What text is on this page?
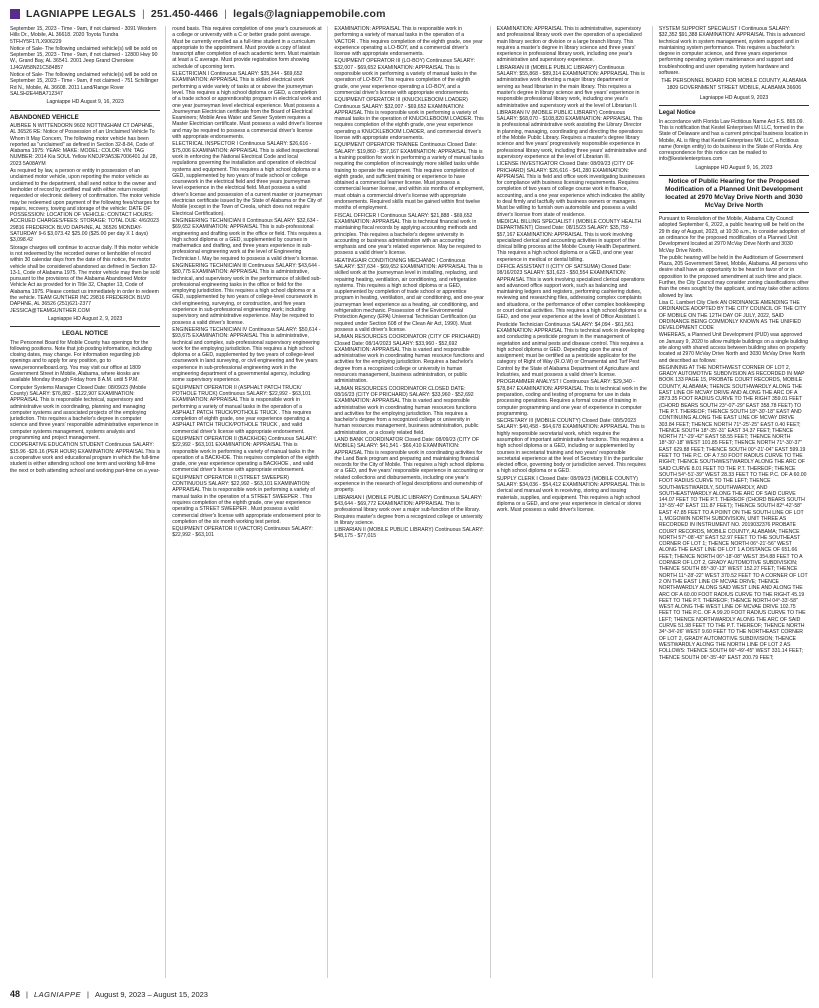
LAGNIAPPE LEGALS | 251.450-4466 | legals@lagniappemobile.com

September 15, 2023 - Time - 9am, if not claimed - 3091 Western Hills Dr., Mobile, AL 36618. 2020 Toyota Tundra 5TFHY5F17LX906229

Notice of Sale- The following unclaimed vehicle(s) will be sold on September 15, 2023 - Time - 9am, if not claimed - 12800 Hwy 90 W., Grand Bay, AL 36541. 2001 Jeep Grand Cherokee 1J4GW58N21C584857

Notice of Sale- The following unclaimed vehicle(s) will be sold on September 15, 2023 - Time - 9am, if not claimed - 751 Schillinger Rd N., Mobile, AL 36608. 2011 Land/Range Rover SALSH2E44BA712347

Lagniappe HD August 9, 16, 2023

ABANDONED VEHICLE

AUBREE N WITTENDORN 9602 NOTTINGHAM CT DAPHNE, AL 36526 RE: Notice of Possession of an Unclaimed Vehicle To Whom It May Concern, The following motor vehicle has been reported as "unclaimed" as defined in Section 32-8-84, Code of Alabama 1975: YEAR: MAKE: MODEL: COLOR: VIN: TAG NUMBER: 2014 Kia SOUL Yellow KNDJP3A53E7006401 Jul 28, 2023 5A08AYM

As required by law, a person or entity in possession of an unclaimed motor vehicle, upon reporting the motor vehicle as unclaimed to the department, shall send notice to the owner and lienholder of record by certified mail with either return receipt requested or electronic delivery of confirmation. The motor vehicle may be redeemed upon payment of the following fees/charges for repairs, recovery, towing and storage of the vehicle: DATE OF POSSESSION: LOCATION OF VEHICLE: CONTACT HOURS: ACCRUED CHARGES/FEES: STORAGE: TOTAL DUE: 4/6/2023 29816 FREDERICK BLVD DAPHNE, AL 36526 MONDAY-SATURDAY 9-6 $3,073.42 $25.00 ($25.00 per day X 1 days) $3,098.42

Storage charges will continue to accrue daily. If this motor vehicle is not redeemed by the recorded owner or lienholder of record within 30 calendar days from the date of this notice, the motor vehicle shall be considered abandoned as defined in Section 32-13-1, Code of Alabama 1975. The motor vehicle may then be sold pursuant to the provisions of the Alabama Abandoned Motor Vehicle Act as provided for in Title 32, Chapter 13, Code of Alabama 1975. Please contact us immediately in order to redeem the vehicle. TEAM GUNTHER INC 29816 FREDERICK BLVD DAPHNE, AL 36526 (251)621-2377 JESSICA@TEAMGUNTHER.COM

Lagniappe HD August 2, 9, 2023

LEGAL NOTICE

The Personnel Board for Mobile County has openings for the following positions. Note that job posting information, including closing dates, may change. For information regarding job openings and to apply for any position, go to www.personnelboard.org. You may visit our office at 1809 Government Street in Mobile, Alabama, where kiosks are available Monday through Friday from 8 A.M. until 5 P.M.

Computer Systems Manager Closed Date: 08/09/23 (Mobile County) SALARY: $76,882 - $122,907 EXAMINATION: APPRAISAL This is responsible technical, supervisory and administrative work in coordinating, planning and managing computer systems and associated projects of the employing jurisdiction. This requires a bachelor's degree in computer science and three years' responsible administrative experience in computer systems management, systems analysis and programming and project management.

COOPERATIVE EDUCATION STUDENT Continuous SALARY: $15.96 -$26.16 (PER HOUR) EXAMINATION: APPRAISAL This is a cooperative work and educational program in which the full-time student is either attending school one term and working full-time the next or both attending school and working part-time on a year-

round basis. This requires completion of one year's coursework at a college or university with a C or better grade point average. Must be currently enrolled as a full-time student in a curriculum appropriate to the appointment. Must provide a copy of latest transcript after completion of each academic term. Must maintain at least a C average. Must provide registration form showing schedule of upcoming term.

ELECTRICIAN I Continuous SALARY: $35,344 - $69,652 EXAMINATION: APPRAISAL This is skilled electrical work performing a wide variety of tasks at or above the journeyman level. This requires a high school diploma or GED, a completion of a trade school or apprenticeship program in electrical work and one year journeyman level electrical experience. Must possess a Journeyman Electrician certificate from the Board of Electrical Examiners; Mobile Area Water and Sewer System requires a Master Electrician certificate. Must possess a valid driver's license and may be required to possess a commercial driver's license with appropriate endorsements.

ELECTRICAL INSPECTOR I Continuous SALARY: $26,616 - $75,006 EXAMINATION: APPRAISAL This is skilled inspectional work in enforcing the National Electrical Code and local regulations governing the installation and operation of electrical systems and equipment. This requires a high school diploma or a GED, supplemented by two years of trade school or college coursework in the electrical field and three years journeyman level experience in the electrical field. Must possess a valid driver's license and possession of a current master or journeyman electrician certificate issued by the State of Alabama or the City of Mobile (except in the Town of Creola, which does not require Electrical Certification).

ENGINEERING TECHNICIAN II Continuous SALARY: $32,634 - $69,652 EXAMINATION: APPRAISAL This is sub-professional engineering and drafting work in the office or field. This requires a high school diploma or a GED, supplemented by courses in mathematics and drafting, and three years experience in sub-professional engineering work at the level of Engineering Technician I. May be required to possess a valid driver's license.

ENGINEERING TECHNICIAN III Continuous SALARY: $43,644 - $80,775 EXAMINATION: APPRAISAL This is administrative, technical, and supervisory work in the performance of skilled sub-professional engineering tasks in the office or field for the employing jurisdiction. This requires a high school diploma or a GED, supplemented by two years of college-level coursework in civil engineering, surveying, or construction, and five years experience in sub-professional engineering work; including supervisory and administrative experience. May be required to possess a valid driver's license.

ENGINEERING TECHNICIAN IV Continuous SALARY: $50,614 - $93,675 EXAMINATION: APPRAISAL This is administrative, technical and complex, sub-professional supervisory engineering work for the employing jurisdiction. This requires a high school diploma or a GED, supplemented by two years of college-level coursework in land surveying, or civil engineering and five years experience in sub-professional engineering work in the engineering department of a governmental agency, including some supervisory experience.

EQUIPMENT OPERATOR II (ASPHALT PATCH TRUCK/ POTHOLE TRUCK) Continuous SALARY: $22,992 - $63,101 EXAMINATION: APPRAISAL This is responsible work in performing a variety of manual tasks in the operation of a ASPHALT PATCH TRUCK/POTHOLE TRUCK . This requires completion of eighth grade, one year experience operating a ASPHALT PATCH TRUCK/POTHOLE TRUCK , and valid commercial driver's license with appropriate endorsement.

EQUIPMENT OPERATOR II (BACKHOE) Continuous SALARY: $22,992 - $63,101 EXAMINATION: APPRAISAL This is responsible work in performing a variety of manual tasks in the operation of a BACKHOE. This requires completion of the eighth grade, one year experience operating a BACKHOE , and valid commercial driver's license with appropriate endorsement.

EQUIPMENT OPERATOR II (STREET SWEEPER) CONTINUOUS SALARY: $22,992 - $63,101 EXAMINATION: APPRAISAL This is responsible work in performing a variety of manual tasks in the operation of a STREET SWEEPER . This requires completion of the eighth grade, one year experience operating a STREET SWEEPER . Must possess a valid commercial driver's license with appropriate endorsement prior to completion of the six month working test period.

EQUIPMENT OPERATOR II (VACTOR) Continuous SALARY: $22,992 - $63,101

EXAMINATION: APPRAISAL This is responsible work in performing a variety of manual tasks in the operation of a VACTOR . This requires completion of the eighth grade, one year experience operating a LO-BOY, and a commercial driver's license with appropriate endorsements.

EQUIPMENT OPERATOR III (LO-BOY) Continuous SALARY: $32,007 - $69,652 EXAMINATION: APPRAISAL This is responsible work in performing a variety of manual tasks in the operation of LO-BOY. This requires completion of the eighth grade, one year experience operating a LO-BOY, and a commercial driver's license with appropriate endorsements.

EQUIPMENT OPERATOR III (KNUCKLEBOOM LOADER) Continuous SALARY: $32,007 - $69,652 EXAMINATION: APPRAISAL This is responsible work in performing a variety of manual tasks in the operation of KNUCKLEBOOM LOADER. This requires completion of the eighth grade, one year experience operating a KNUCKLEBOOM LOADER, and commercial driver's license with appropriate endorsements.

EQUIPMENT OPERATOR TRAINEE Continuous Closed Date: SALARY: $19,860 - $57,167 EXAMINATION: APPRAISAL This is a training position for work in performing a variety of manual tasks requiring the completion of increasingly more skilled tasks while training to operate the equipment. This requires completion of eighth grade, and sufficient training or experience to have obtained a commercial learner license. Must possess a commercial learner license, and within six months of employment, must obtain a commercial driver's license with appropriate endorsements. Required skills must be gained within first twelve months of employment.

FISCAL OFFICER I Continuous SALARY: $21,888 - $69,652 EXAMINATION: APPRAISAL This is technical financial work in maintaining fiscal records by applying accounting methods and principles. This requires a bachelor's degree university in accounting or business administration with an accounting emphasis and one year's related experience. May be required to possess a valid driver's license.

HEATING/AIR CONDITIONING MECHANIC I Continuous SALARY: $37,634 - $69,652 EXAMINATION: APPRAISAL This is skilled work at the journeyman level in installing, replacing, and repairing heating, ventilation, air conditioning, and refrigeration systems. This requires a high school diploma or a GED, supplemented by completion of trade school or apprentice program in heating, ventilation, and air conditioning, and one-year journeyman level experience as a heating, air conditioning, and refrigeration mechanic. Possession of the Environmental Protection Agency (EPA) Universal Technician Certification (as required under Section 608 of the Clean Air Act, 1990). Must possess a valid driver's license.

HUMAN RESOURCES COORDINATOR (CITY OF PRICHARD) Closed Date: 08/14/2023 SALARY: $33,960 - $52,692 EXAMINATION: APPRAISAL This is varied and responsible administrative work in coordinating human resource functions and activities for the employing jurisdiction. Requires a bachelor's degree from a recognized college or university in human resources management, business administration, or public administration.

HUMAN RESOURCES COORDINATOR CLOSED DATE: 08/16/23 (CITY OF PRICHARD) SALARY: $33,960 - $52,692 EXAMINATION: APPRAISAL This is varied and responsible administrative work in coordinating human resources functions and activities for the employing jurisdiction. This requires a bachelor's degree from a recognized college or university in human resources management, business administration, public administration, or a closely related field.

LAND BANK COORDINATOR Closed Date: 08/09/23 (CITY OF MOBILE) SALARY: $41,541 - $66,410 EXAMINATION: APPRAISAL This is responsible work in coordinating activities for the Land Bank program and preparing and maintaining financial records for the City of Mobile. This requires a high school diploma or a GED, and five years' responsible experience in accounting or related collections and disbursements, including one year's experience in the research of legal descriptions and ownership of property.

LIBRARIAN I (MOBILE PUBLIC LIBRARY) Continuous SALARY: $43,644 - $69,772 EXAMINATION: APPRAISAL This is professional library work over a major sub-function of the library. Requires master's degree from a recognized college or university in library science.

LIBRARIAN II (MOBILE PUBLIC LIBRARY) Continuous SALARY: $48,175 - $77,015

EXAMINATION: APPRAISAL This is administrative, supervisory and professional library work over the operation of a specialized main library section or division or a large branch library. This requires a master's degree in library science and three years' experience in professional library work, including one year's administrative and supervisory experience.

LIBRARIAN III (MOBILE PUBLIC LIBRARY) Continuous SALARY: $55,868 - $89,314 EXAMINATION: APPRAISAL This is administrative work directing a major library department or serving as head librarian in the main library. This requires a master's degree in library science and five years' experience in responsible professional library work, including one year's administrative and supervisory work at the level of Librarian II.

LIBRARIAN IV (MOBILE PUBLIC LIBRARY) Continuous SALARY: $68,070 - $108,820 EXAMINATION: APPRAISAL This is professional administrative work assisting the Library Director in planning, managing, coordinating and directing the operations of the Mobile Public Library. Requires a master's degree library science and five years' progressively responsible experience in professional library work, including three years' administrative and supervisory experience at the level of Librarian III.

LICENSE INVESTIGATOR Closed Date: 08/09/23 (CITY OF PRICHARD) SALARY: $26,616 - $41,280 EXAMINATION: APPRAISAL This is field and office work investigating businesses for compliance with business licensing requirements. Requires completion of two years of college course work in finance, accounting, and a one year experience which indicates the ability to deal firmly and tactfully with business owners or managers. Must be willing to furnish own automobile and possess a valid driver's license from state of residence.

MEDICAL BILLING SPECIALIST I (MOBILE COUNTY HEALTH DEPARTMENT) Closed Date: 08/15/23 SALARY: $35,759 - $57,167 EXAMINATION: APPRAISAL This is work involving specialized clerical and accounting activities in support of the clinical billing process at the Mobile County Health Department. This requires a high school diploma or a GED, and one year experience in medical or dental billing.

OFFICE ASSISTANT II (CITY OF SATSUMA) Closed Date: 08/16/2023 SALARY: $31,623 - $50,554 EXAMINATION: APPRAISAL This is work involving specialized clerical operations and advanced office support work, such as balancing and maintaining ledgers and registers, performing cashiering duties, reviewing and researching files, addressing complex complaints and situations, or the performance of other complex bookkeeping or court clerical activities. This requires a high school diploma or a GED, and one year experience at the level of Office Assistant I.

Pesticide Technician Continuous SALARY: $4,094 - $61,561 EXAMINATION: APPRAISAL This is technical work in developing and conducting a pesticide program in the management of vegetation and animal pests and disease control. This requires a high school diploma or GED. Depending upon the area of assignment; must be certified as a pesticide applicator for the category of Right of Way (R.O.W) or Ornamental and Turf Pest Control by the State of Alabama Department of Agriculture and Industries, and must possess a valid driver's license.

PROGRAMMER ANALYST I Continuous SALARY: $29,340 - $78,847 EXAMINATION: APPRAISAL This is technical work in the preparation, coding and testing of programs for use in data processing operations. Requires a formal course of training in computer programming and one year of experience in computer programming.

SECRETARY III (MOBILE COUNTY) Closed Date: 08/5/2023 SALARY: $40,458 - $64,678 EXAMINATION: APPRAISAL This is highly responsible secretarial work, which requires the assumption of important administrative functions. This requires a high school diploma or a GED, including or supplemented by courses in secretarial training and two years' responsible secretarial experience at the level of Secretary II in the particular elected office, governing body or jurisdiction served. This requires a high school diploma or a GED.

SUPPLY CLERK I Closed Date: 08/09/23 (MOBILE COUNTY) SALARY: $34,036 - $54,412 EXAMINATION: APPRAISAL This is clerical and manual work in receiving, storing and issuing materials, supplies, and equipment. This requires a high school diploma or a GED, and one year experience in clerical or stores work. Must possess a valid driver's license.

SYSTEM SUPPORT SPECIALIST I Continuous SALARY: $32,352 $91,388 EXAMINATION: APPRAISAL This is advanced technical work in system management, system support and in maintaining system performance. This requires a bachelor's degree in computer science, and three years experience performing operating system maintenance and support and troubleshooting and user operating system hardware and software.

THE PERSONNEL BOARD FOR MOBILE COUNTY, ALABAMA 1809 GOVERNMENT STREET MOBILE, ALABAMA 36606

Lagniappe HD August 9, 2023

Legal Notice

In accordance with Florida Law Fictitious Name Act F.S. 865.09. This is notification that Kestel Enterprises MI LLC, formed in the State of Delaware and has a current principal business location in Mobile, AL is filing that Kestel Enterprises MK LLC, a fictitious name (foreign entity) to do business in the State of Florida. Any correspondence for this notice can be mailed to info@kestelenterprises.com

Lagniappe HD August 9, 16, 2023

Notice of Public Hearing for the Proposed Modification of a Planned Unit Development located at 2970 McVay Drive North and 3030 McVay Drive North

Pursuant to Resolution of the Mobile, Alabama City Council adopted September 6, 2022, a public hearing will be held on the 29 th day of August, 2023, at 10:30 a.m., to consider adoption of an ordinance for the proposed modification of a Planned Unit Development located at 2970 McVay Drive North and 3030 McVay Drive North.

The public hearing will be held in the Auditorium of Government Plaza, 205 Government Street, Mobile, Alabama. All persons who desire shall have an opportunity to be heard in favor of or in opposition to the proposed amendment at such time and place. Further, the City Council may consider zoning classifications other than the ones sought by the applicant, and may take other actions allowed by law.

Lisa C. Lambert City Clerk AN ORDINANCE AMENDING THE ORDINANCE ADOPTED BY THE CITY COUNCIL OF THE CITY OF MOBILE ON THE 12TH DAY OF JULY, 2022, SAID ORDINANCE BEING COMMONLY KNOWN AS THE UNIFIED DEVELOPMENT CODE

WHEREAS, a Planned Unit Development (PUD) was approved on January 9, 2020 to allow multiple buildings on a single building site along with shared access between building sites on property located at 2970 McVay Drive North and 3030 McVay Drive North and described as follows:

BEGINNING AT THE NORTHWEST CORNER OF LOT 2, GRADY AUTOMOTIVE SUBDIVISION AS RECORDED IN MAP BOOK 133 PAGE 15, PROBATE COURT RECORDS, MOBILE COUNTY, ALABAMA; THENCE SOUTHWARDLY ALONG THE EAST LINE OF MCVAY DRIVE AND ALONG THE ARC OF A 2873.35 FOOT RADIUS CURVE TO THE RIGHT 359.01 FEET (CHORD BEARS SOUTH 23°-07'-29" EAST 358.78 FEET) TO THE P.T. THEREOF; THENCE SOUTH 18°-30'-18" EAST AND CONTINUING ALONG THE EAST LINE OF MCVAY DRIVE 303.84 FEET; THENCE NORTH 71°-25'-25" EAST 0.40 FEET; THENCE SOUTH 18°-35'-31" EAST 34.37 FEET; THENCE NORTH 71°-29'-42" EAST 58.55 FEET; THENCE NORTH 18°-30'-18" WEST 101.85 FEET; THENCE NORTH 71°-30'-37" EAST 629.88 FEET; THENCE SOUTH 00°-21'-04" EAST 599.19 FEET TO THE P.C. OF A 7.50 FOOT RADIUS CURVE TO THE RIGHT; THENCE SOUTHWESTWARDLY ALONG THE ARC OF SAID CURVE 8.01 FEET TO THE P.T. THEREOF; THENCE SOUTH 54°-51'-39" WEST 28.33 FEET TO THE P.C. OF A 60.00 FOOT RADIUS CURVE TO THE LEFT; THENCE SOUTHWESTWARDLY, SOUTHWARDLY, AND SOUTHEASTWARDLY ALONG THE ARC OF SAID CURVE 144.07 FEET TO THE P.T. THEREOF (CHORD BEARS SOUTH 13°-55'-40" EAST 111.87 FEET); THENCE SOUTH 82°-42'-58" EAST 47.85 FEET TO A POINT ON THE SOUTH LINE OF LOT 1, MCGOWIN NORTH SUBDIVISION, UNIT THREE AS RECORDED IN INSTRUMENT NO. 2019032376 PROBATE COURT RECORDS, MOBILE COUNTY, ALABAMA; THENCE NORTH 57°-08'-43" EAST 52.97 FEET TO THE SOUTHEAST CORNER OF LOT 1; THENCE NORTH 06°-21'-56" WEST ALONG THE EAST LINE OF LOT 1 A DISTANCE OF 651.66 FEET; THENCE NORTH 06°-18'-08" WEST 354.88 FEET TO A CORNER OF LOT 2, GRADY AUTOMOTIVE SUBDIVISION; THENCE SOUTH 85°-30'-13" WEST 152.27 FEET; THENCE NORTH 11°-28'-22" WEST 370.52 FEET TO A CORNER OF LOT 2 ON THE EAST LINE OF MCVAE DRIVE; THENCE NORTHWARDLY ALONG SAID WEST LINE AND ALONG THE ARC OF A 60.00 FOOT RADIUS CURVE TO THE RIGHT 45.19 FEET TO THE P.T. THEREOF; THENCE NORTH 04°-33'-58" WEST ALONG THE WEST LINE OF MCVAE DRIVE 102.75 FEET TO THE P.C. OF A 99.20 FOOT RADIUS CURVE TO THE LEFT; THENCE NORTHWARDLY ALONG THE ARC OF SAID CURVE 51.98 FEET TO THE P.T. THEREOF; THENCE NORTH 34°-34'-26" WEST 9.60 FEET TO THE NORTHEAST CORNER OF LOT 2, GRADY AUTOMOTIVE SUBDIVISION; THENCE WESTWARDLY ALONG THE NORTH LINE OF LOT 2 AS FOLLOWS: THENCE SOUTH 66°-49'-45" WEST 331.14 FEET; THENCE SOUTH 06°-35'-40" EAST 200.79 FEET;

48 | LAGNIAPPE | August 9, 2023 – August 15, 2023
